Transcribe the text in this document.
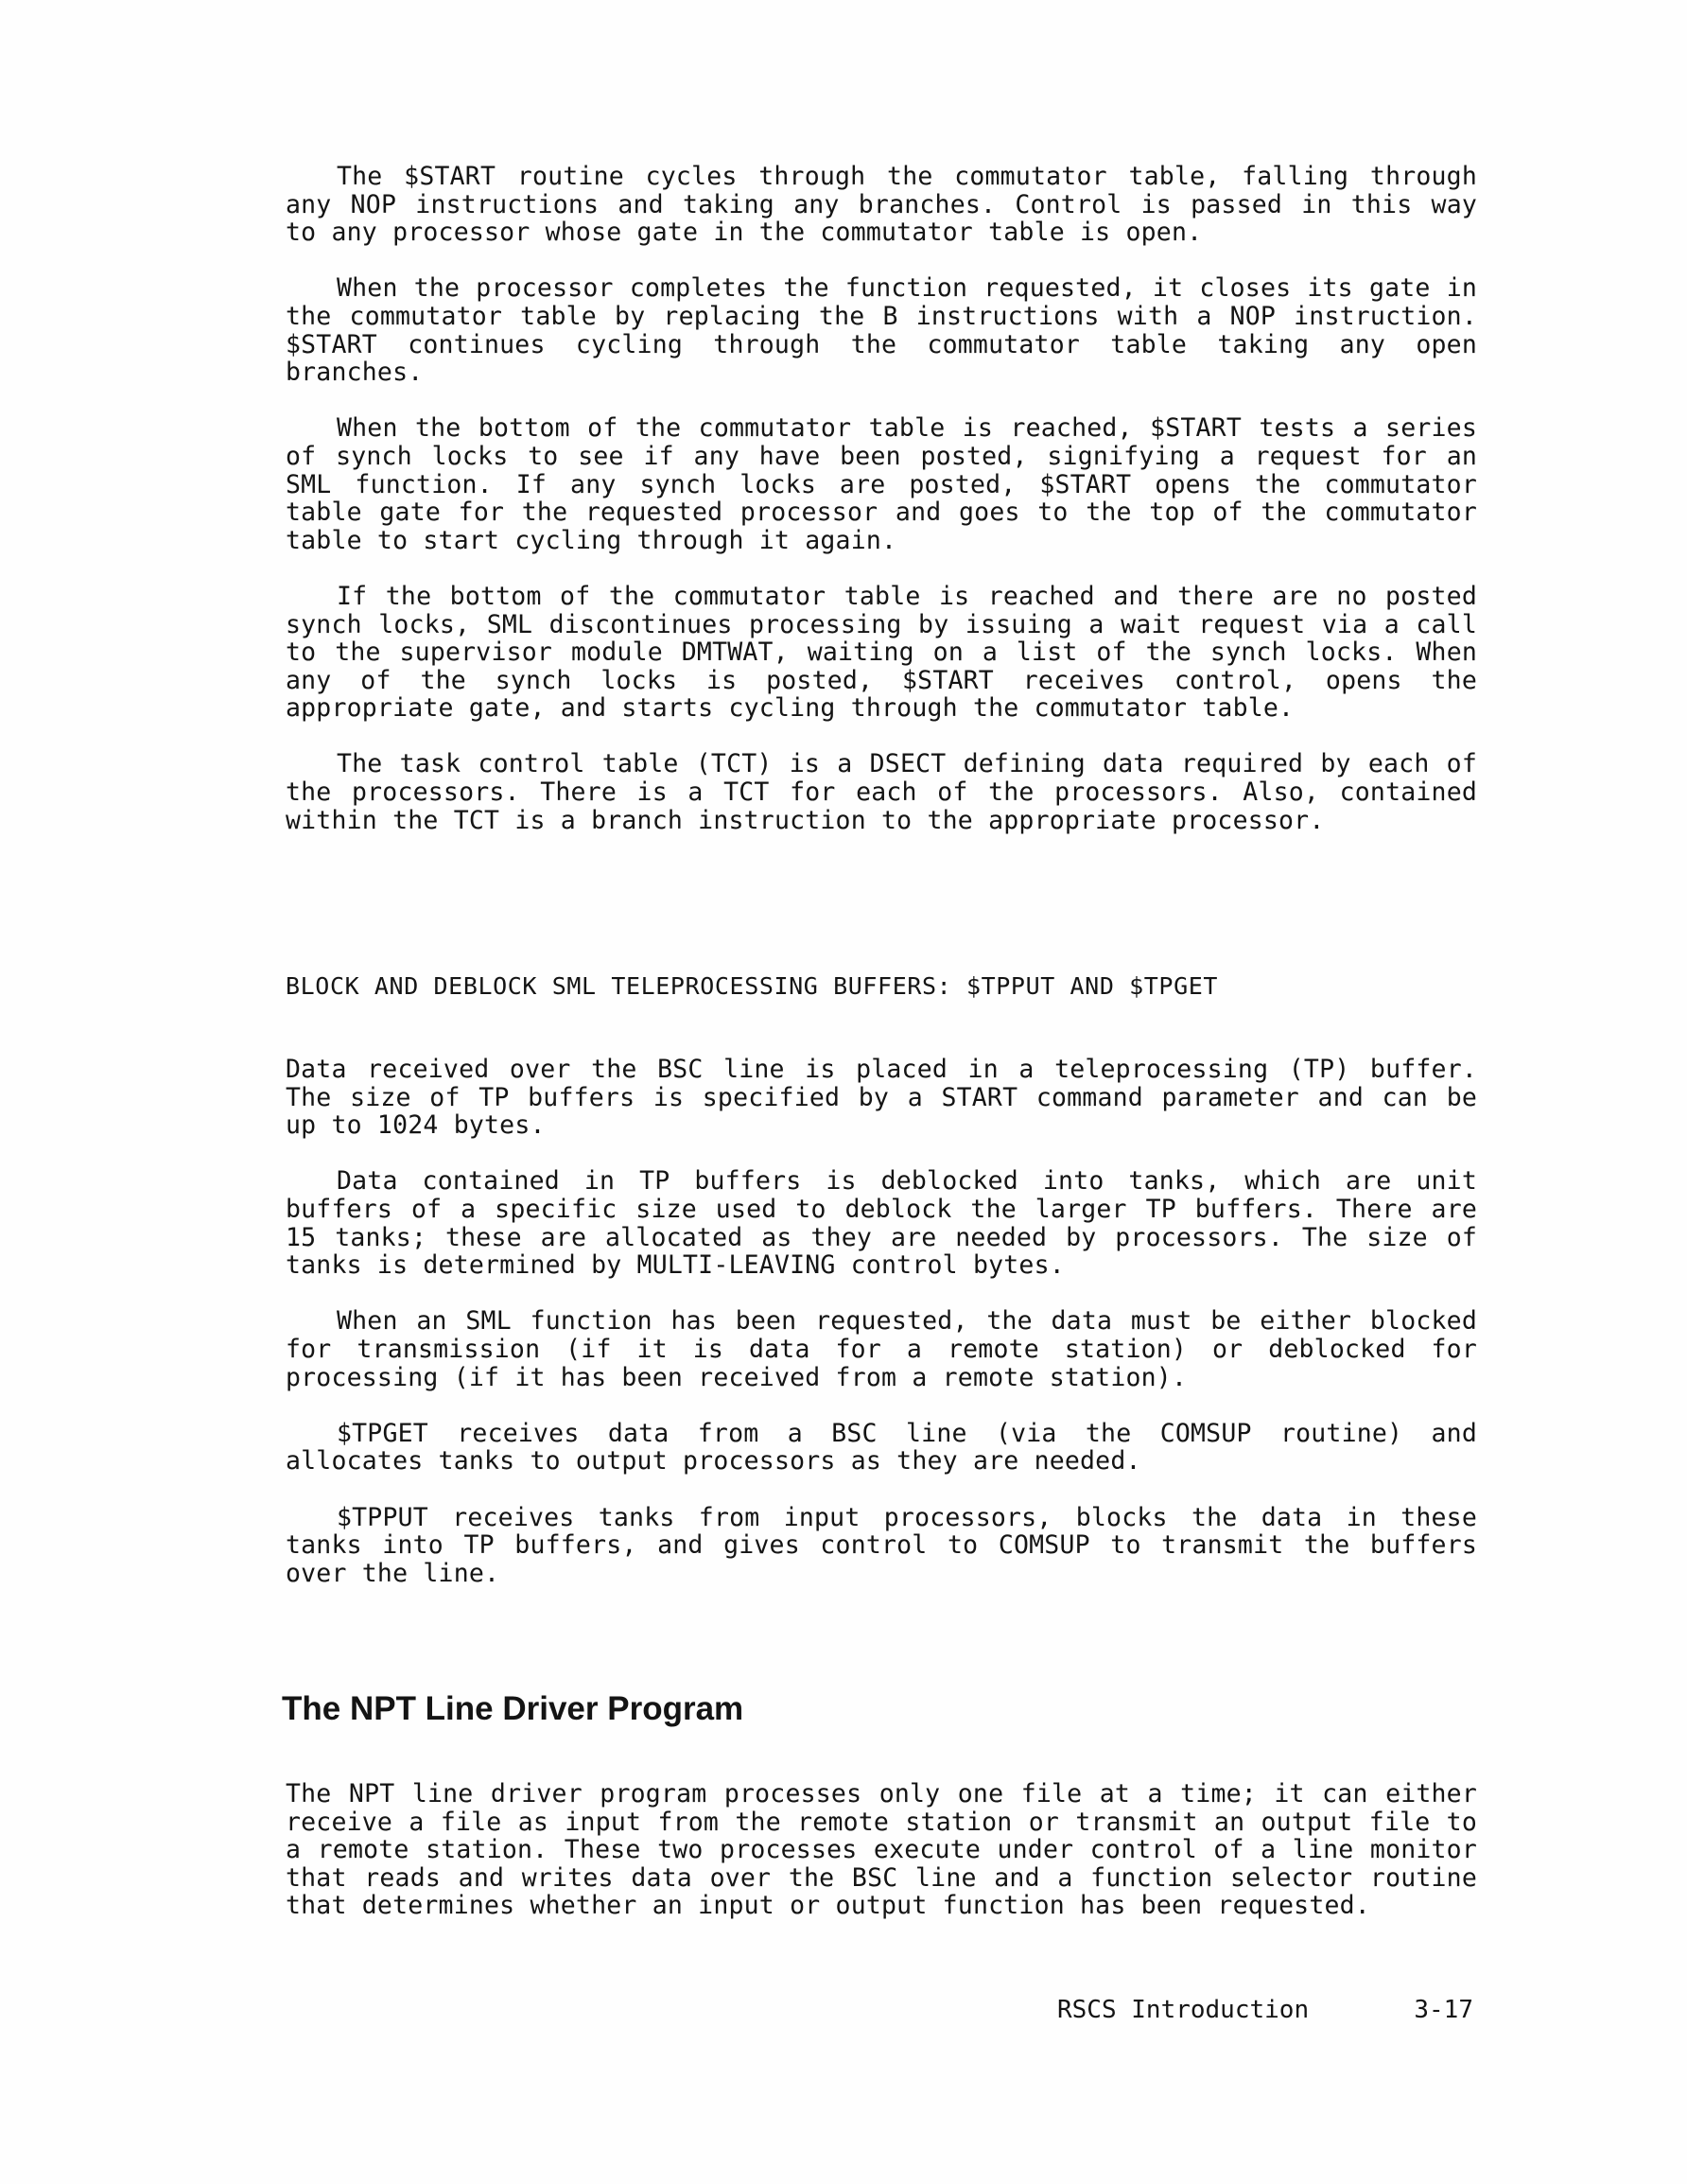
The $START routine cycles through the commutator table, falling through any NOP instructions and taking any branches. Control is passed in this way to any processor whose gate in the commutator table is open.

When the processor completes the function requested, it closes its gate in the commutator table by replacing the B instructions with a NOP instruction. $START continues cycling through the commutator table taking any open branches.

When the bottom of the commutator table is reached, $START tests a series of synch locks to see if any have been posted, signifying a request for an SML function. If any synch locks are posted, $START opens the commutator table gate for the requested processor and goes to the top of the commutator table to start cycling through it again.

If the bottom of the commutator table is reached and there are no posted synch locks, SML discontinues processing by issuing a wait request via a call to the supervisor module DMTWAT, waiting on a list of the synch locks. When any of the synch locks is posted, $START receives control, opens the appropriate gate, and starts cycling through the commutator table.

The task control table (TCT) is a DSECT defining data required by each of the processors. There is a TCT for each of the processors. Also, contained within the TCT is a branch instruction to the appropriate processor.

BLOCK AND DEBLOCK SML TELEPROCESSING BUFFERS: $TPPUT AND $TPGET

Data received over the BSC line is placed in a teleprocessing (TP) buffer. The size of TP buffers is specified by a START command parameter and can be up to 1024 bytes.

Data contained in TP buffers is deblocked into tanks, which are unit buffers of a specific size used to deblock the larger TP buffers. There are 15 tanks; these are allocated as they are needed by processors. The size of tanks is determined by MULTI-LEAVING control bytes.

When an SML function has been requested, the data must be either blocked for transmission (if it is data for a remote station) or deblocked for processing (if it has been received from a remote station).

$TPGET receives data from a BSC line (via the COMSUP routine) and allocates tanks to output processors as they are needed.

$TPPUT receives tanks from input processors, blocks the data in these tanks into TP buffers, and gives control to COMSUP to transmit the buffers over the line.

The NPT Line Driver Program

The NPT line driver program processes only one file at a time; it can either receive a file as input from the remote station or transmit an output file to a remote station. These two processes execute under control of a line monitor that reads and writes data over the BSC line and a function selector routine that determines whether an input or output function has been requested.

RSCS Introduction	3-17
